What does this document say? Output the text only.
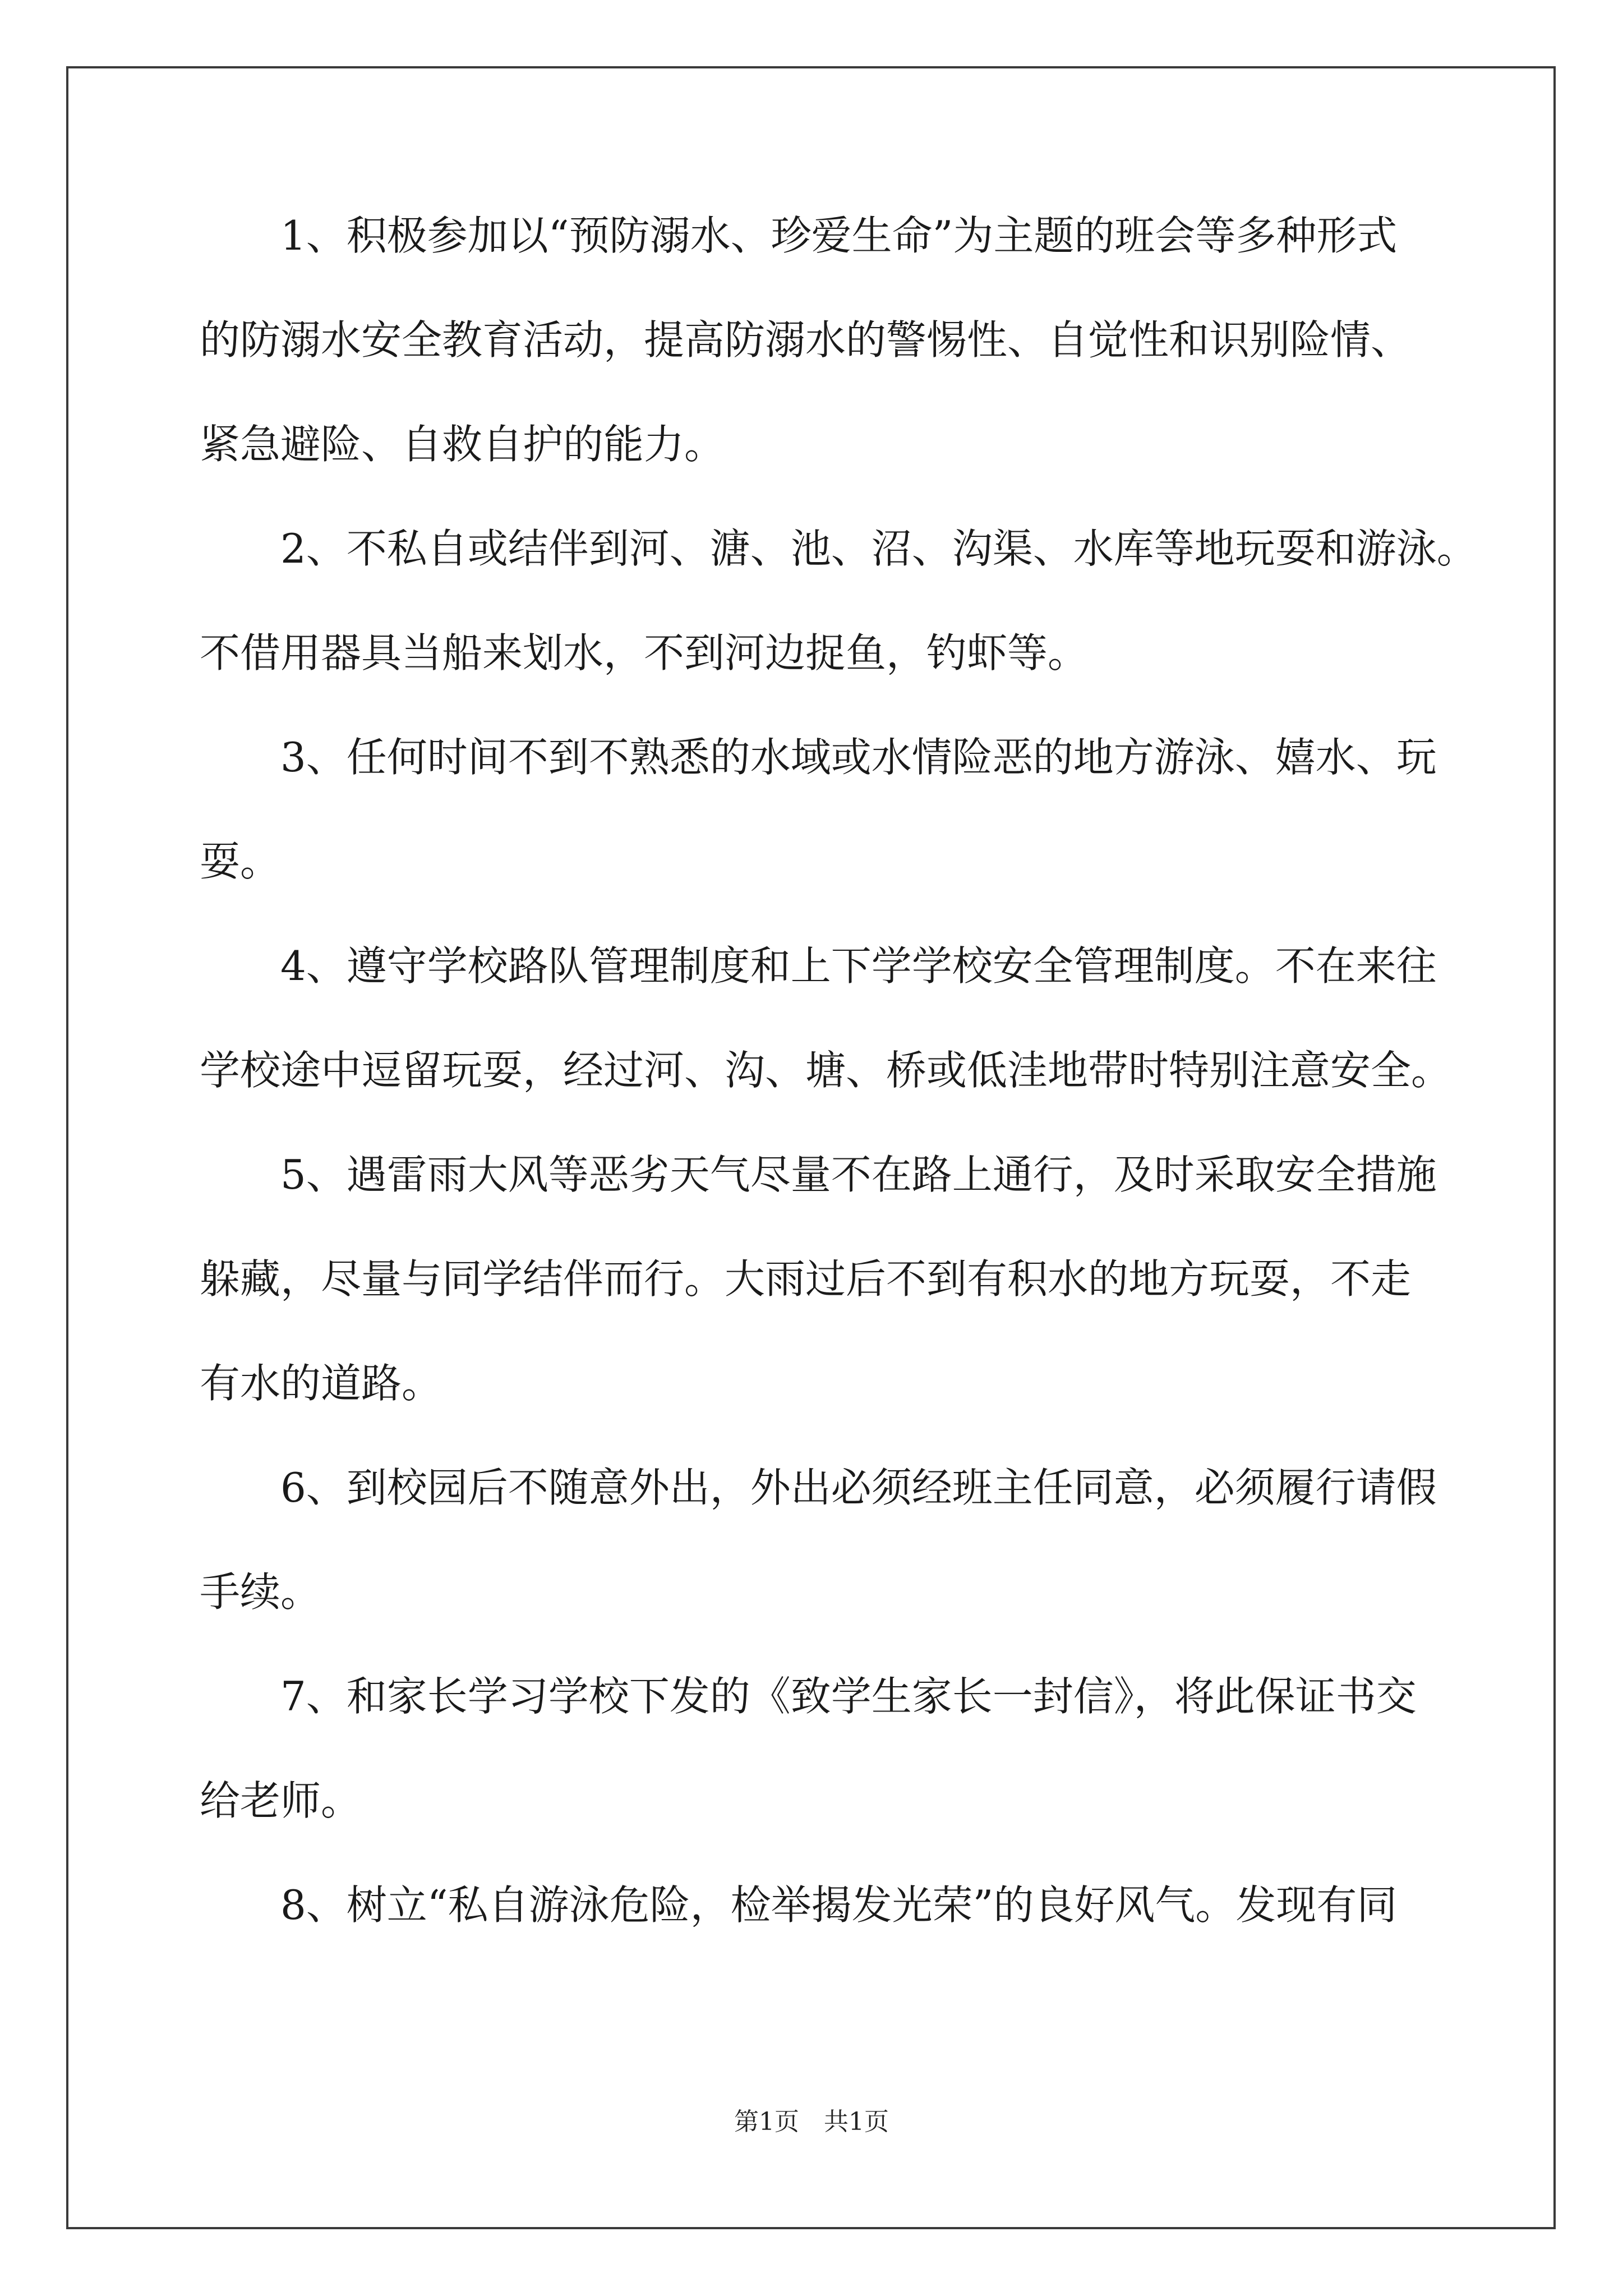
1、积极参加以“预防溺水、珍爱生命”为主题的班会等多种形式
的防溺水安全教育活动，提高防溺水的警惕性、自觉性和识别险情、
紧急避险、自救自护的能力。
2、不私自或结伴到河、溏、池、沼、沟渠、水库等地玩耍和游泳。
不借用器具当船来划水，不到河边捉鱼，钓虾等。
3、任何时间不到不熟悉的水域或水情险恶的地方游泳、嬉水、玩
耍。
4、遵守学校路队管理制度和上下学学校安全管理制度。不在来往
学校途中逗留玩耍，经过河、沟、塘、桥或低洼地带时特别注意安全。
5、遇雷雨大风等恶劣天气尽量不在路上通行，及时采取安全措施
躲藏，尽量与同学结伴而行。大雨过后不到有积水的地方玩耍，不走
有水的道路。
6、到校园后不随意外出，外出必须经班主任同意，必须履行请假
手续。
7、和家长学习学校下发的《致学生家长一封信》，将此保证书交
给老师。
8、树立“私自游泳危险，检举揭发光荣”的良好风气。发现有同
第1页　共1页
